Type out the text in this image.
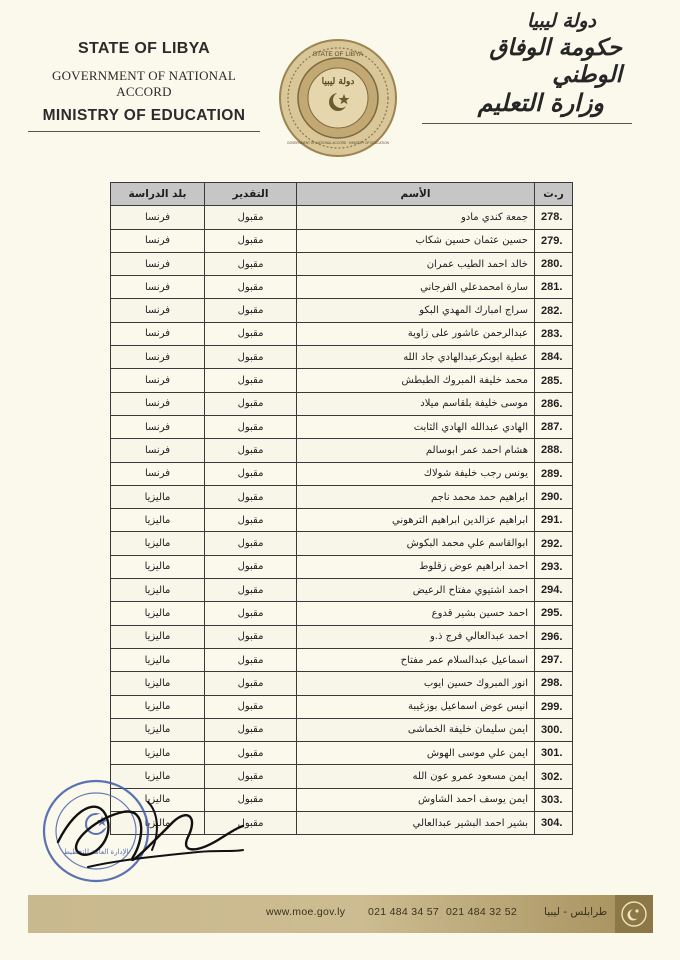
STATE OF LIBYA
GOVERNMENT OF NATIONAL ACCORD
MINISTRY OF EDUCATION
دولة ليبيا
STATE OF LIBYA
GOVERNMENT OF NATIONAL ACCORD · MINISTRY OF EDUCATION
دولة ليبيا
حكومة الوفاق الوطني
وزارة التعليم
ر.ت	الأسم	التقدير	بلد الدراسة
278.	جمعة كندي مادو	مقبول	فرنسا
279.	حسين عثمان حسين شكاب	مقبول	فرنسا
280.	خالد احمد الطيب عمران	مقبول	فرنسا
281.	سارة امحمدعلي الفرجاني	مقبول	فرنسا
282.	سراج امبارك المهدي البكو	مقبول	فرنسا
283.	عبدالرحمن عاشور على زاوية	مقبول	فرنسا
284.	عطية ابوبكرعبدالهادي جاد الله	مقبول	فرنسا
285.	محمد خليفة المبروك الطبطش	مقبول	فرنسا
286.	موسى خليفة بلقاسم ميلاد	مقبول	فرنسا
287.	الهادي عبدالله الهادي الثابت	مقبول	فرنسا
288.	هشام احمد عمر ابوسالم	مقبول	فرنسا
289.	يونس رجب خليفة شولاك	مقبول	فرنسا
290.	ابراهيم حمد محمد ناجم	مقبول	ماليزيا
291.	ابراهيم عزالدين ابراهيم الترهوني	مقبول	ماليزيا
292.	ابوالقاسم علي محمد البكوش	مقبول	ماليزيا
293.	احمد ابراهيم عوض زقلوط	مقبول	ماليزيا
294.	احمد اشتيوي مفتاح الرعيض	مقبول	ماليزيا
295.	احمد حسين بشير قدوع	مقبول	ماليزيا
296.	احمد عبدالعالي فرج ذ.و	مقبول	ماليزيا
297.	اسماعيل عبدالسلام عمر مفتاح	مقبول	ماليزيا
298.	انور المبروك حسين ايوب	مقبول	ماليزيا
299.	انيس عوض اسماعيل بوزغيبة	مقبول	ماليزيا
300.	ايمن سليمان خليفة الخماشى	مقبول	ماليزيا
301.	ايمن علي موسى الهوش	مقبول	ماليزيا
302.	ايمن مسعود عمرو عون الله	مقبول	ماليزيا
303.	ايمن يوسف احمد الشاوش	مقبول	ماليزيا
304.	بشير احمد البشير عبدالعالي	مقبول	ماليزيا
الإدارة العامة للتخطيط
www.moe.gov.ly 021 484 34 57 021 484 32 52	طرابلس - ليبيا
